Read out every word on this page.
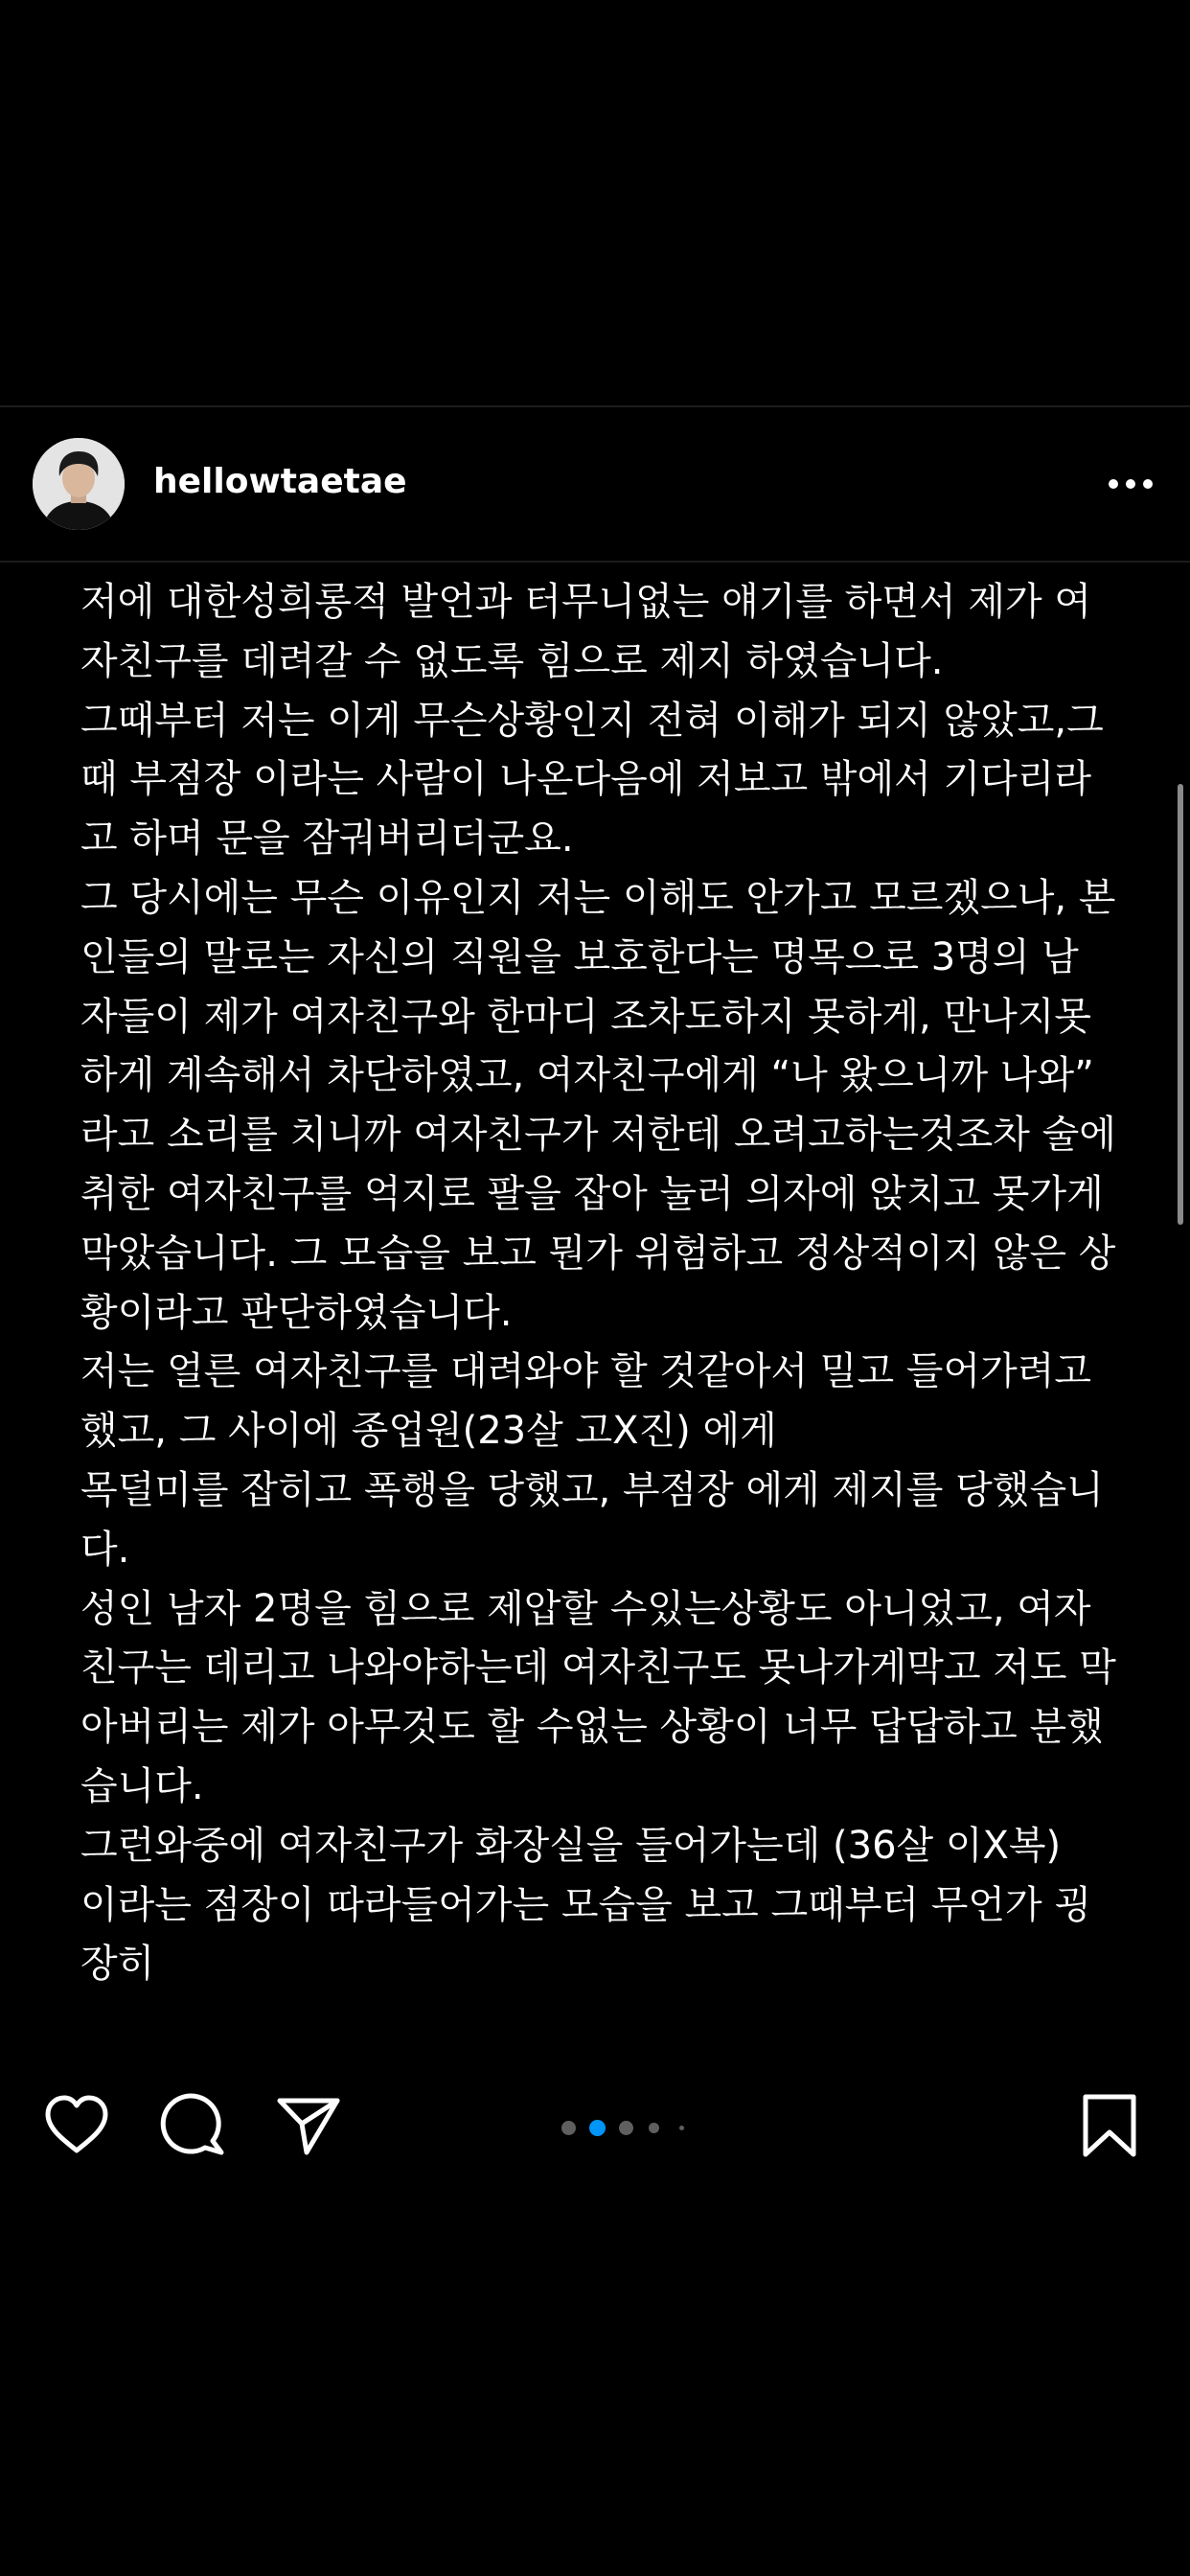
hellowtaetae
저에 대한성희롱적 발언과 터무니없는 얘기를 하면서 제가 여
자친구를 데려갈 수 없도록 힘으로 제지 하였습니다.
그때부터 저는 이게 무슨상황인지 전혀 이해가 되지 않았고,그
때 부점장 이라는 사람이 나온다음에 저보고 밖에서 기다리라
고 하며 문을 잠궈버리더군요.
그 당시에는 무슨 이유인지 저는 이해도 안가고 모르겠으나, 본
인들의 말로는 자신의 직원을 보호한다는 명목으로 3명의 남
자들이 제가 여자친구와 한마디 조차도하지 못하게, 만나지못
하게 계속해서 차단하였고, 여자친구에게 “나 왔으니까 나와”
라고 소리를 치니까 여자친구가 저한테 오려고하는것조차 술에
취한 여자친구를 억지로 팔을 잡아 눌러 의자에 앉치고 못가게
막았습니다. 그 모습을 보고 뭔가 위험하고 정상적이지 않은 상
황이라고 판단하였습니다.
저는 얼른 여자친구를 대려와야 할 것같아서 밀고 들어가려고
했고, 그 사이에 종업원(23살 고X진) 에게
목덜미를 잡히고 폭행을 당했고, 부점장 에게 제지를 당했습니
다.
성인 남자 2명을 힘으로 제압할 수있는상황도 아니었고, 여자
친구는 데리고 나와야하는데 여자친구도 못나가게막고 저도 막
아버리는 제가 아무것도 할 수없는 상황이 너무 답답하고 분했
습니다.
그런와중에 여자친구가 화장실을 들어가는데 (36살 이X복)
이라는 점장이 따라들어가는 모습을 보고 그때부터 무언가 굉
장히
